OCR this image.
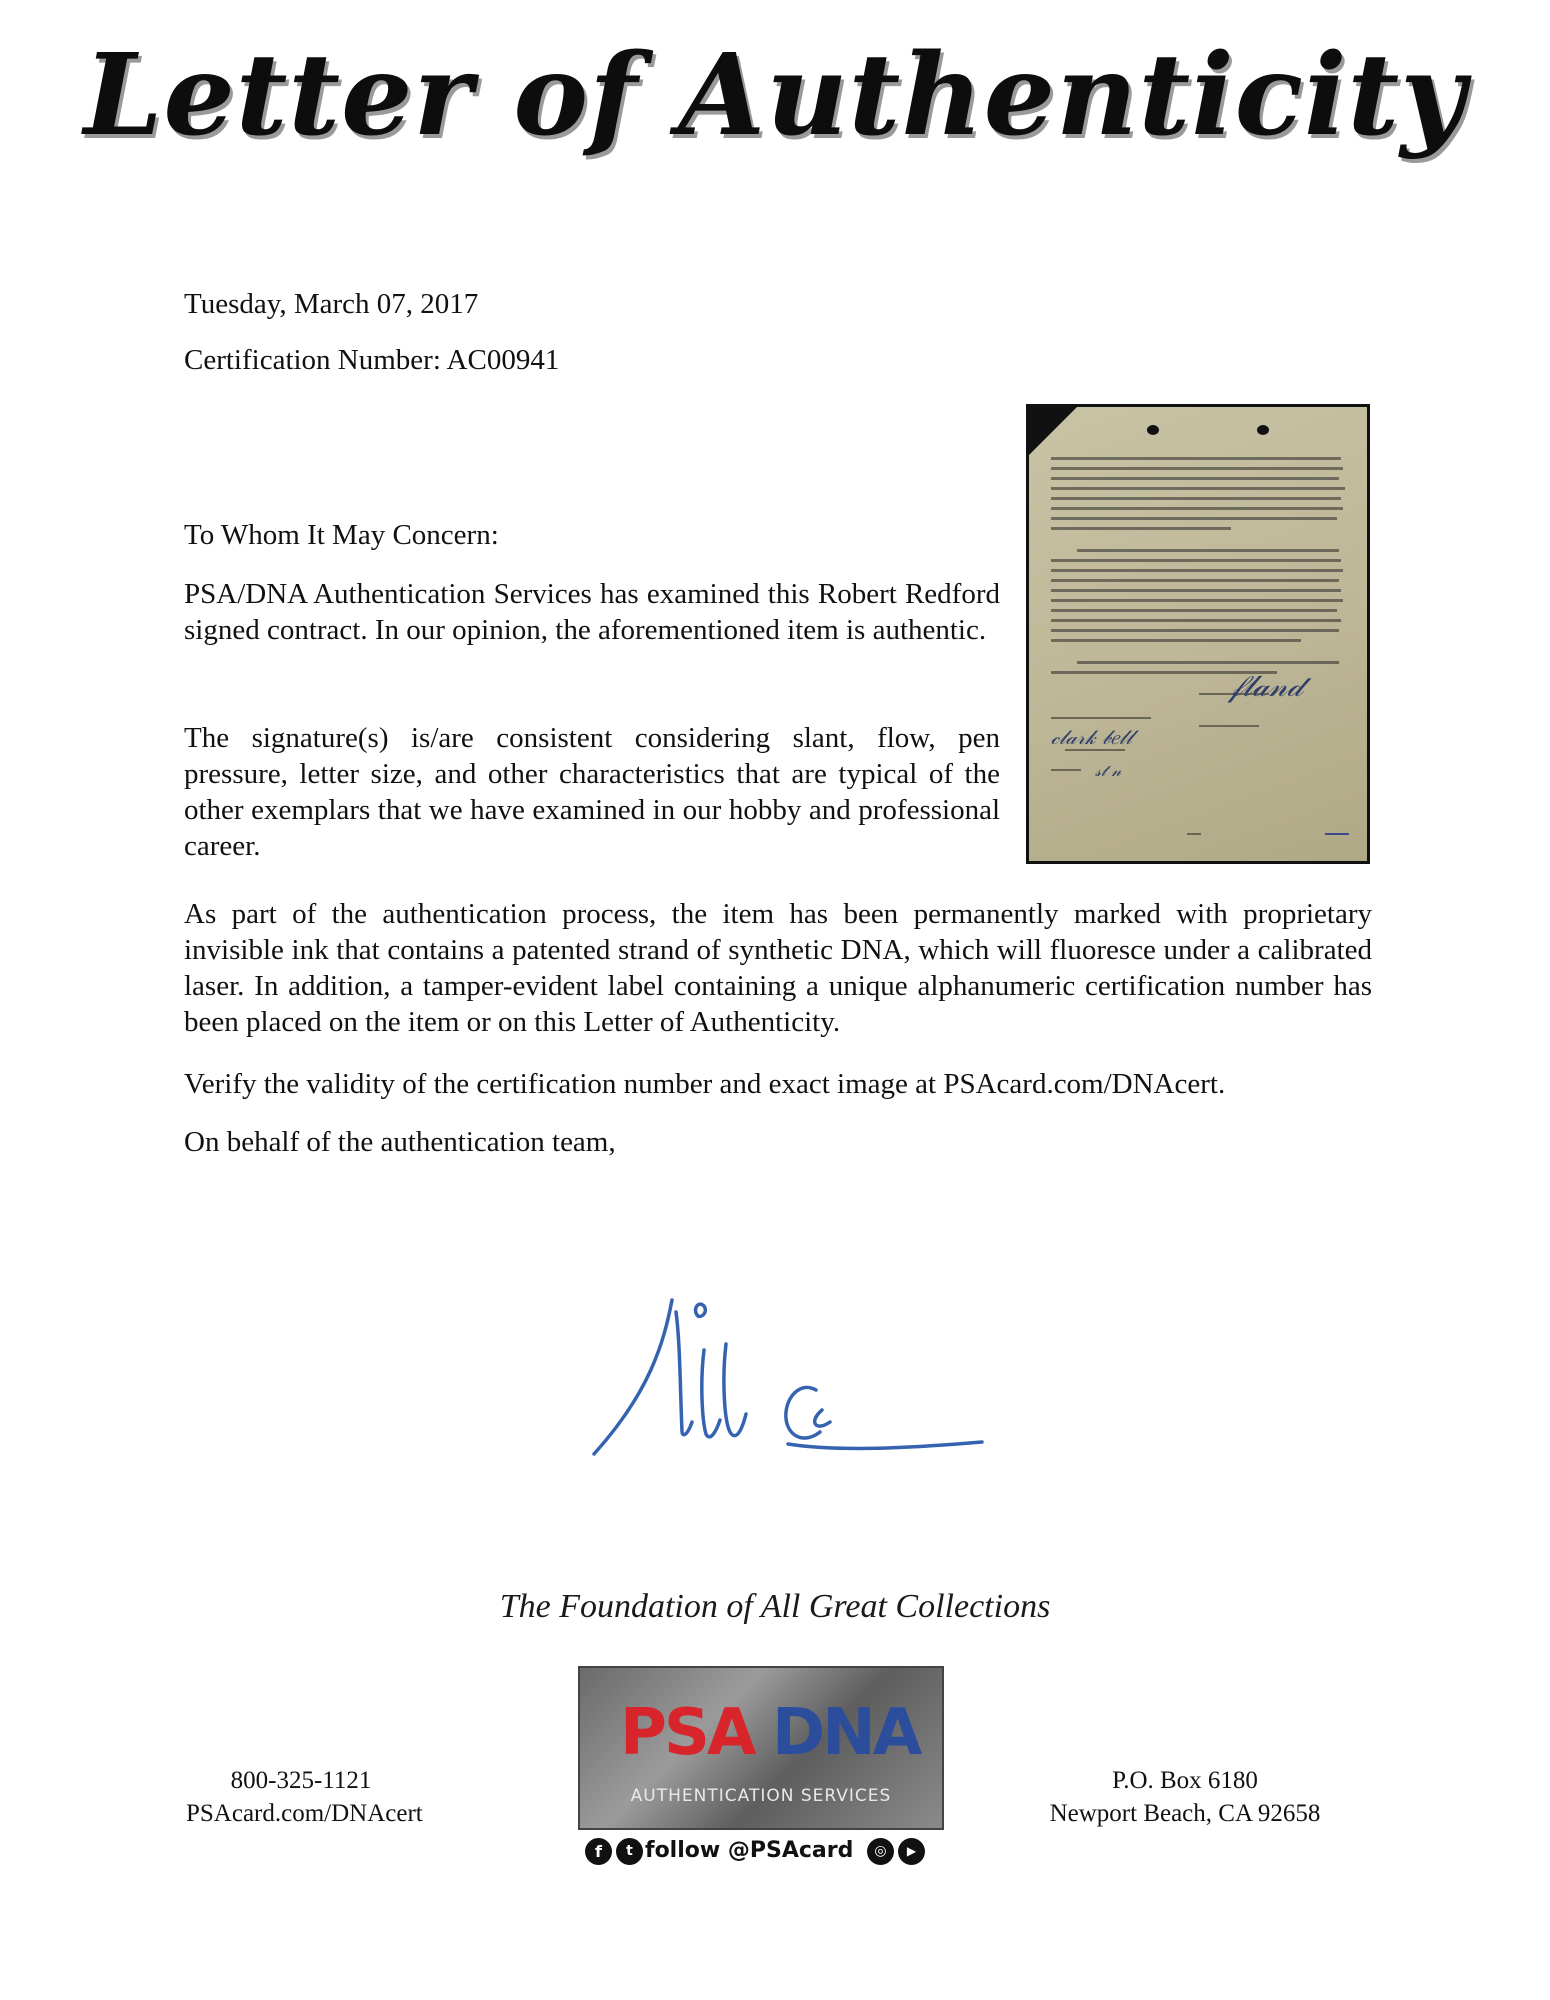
Letter of Authenticity
Tuesday, March 07, 2017
Certification Number: AC00941
𝒻𝓁𝒶𝓃𝒹
𝒸𝓁𝒶𝓇𝓀 𝒷𝑒𝓁𝓁
𝓈𝓉 𝓃
To Whom It May Concern:

PSA/DNA Authentication Services has examined this Robert Redford signed contract. In our opinion, the aforementioned item is authentic.

The signature(s) is/are consistent considering slant, flow, pen pressure, letter size, and other characteristics that are typical of the other exemplars that we have examined in our hobby and professional career.

As part of the authentication process, the item has been permanently marked with proprietary invisible ink that contains a patented strand of synthetic DNA, which will fluoresce under a calibrated laser. In addition, a tamper-evident label containing a unique alphanumeric certification number has been placed on the item or on this Letter of Authenticity.

Verify the validity of the certification number and exact image at PSAcard.com/DNAcert.

On behalf of the authentication team,
The Foundation of All Great Collections
800-325-1121
PSAcard.com/DNAcert
P.O. Box 6180
Newport Beach, CA 92658
PSA DNA
AUTHENTICATION SERVICES
f	t follow @PSAcard	◎	▶
